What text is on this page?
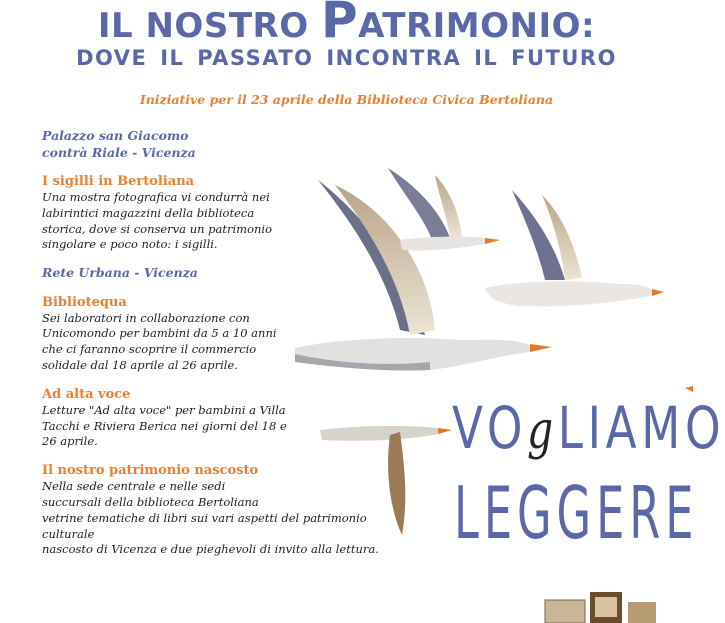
IL NOSTRO PATRIMONIO:
DOVE IL PASSATO INCONTRA IL FUTURO
Iniziative per il 23 aprile della Biblioteca Civica Bertoliana
VOgLIAMO
LEGGERE
Palazzo san Giacomo
contrà Riale - Vicenza
I sigilli in Bertoliana
Una mostra fotografica vi condurrà nei
labirintici magazzini della biblioteca
storica, dove si conserva un patrimonio
singolare e poco noto: i sigilli.
Rete Urbana - Vicenza
Bibliotequa
Sei laboratori in collaborazione con
Unicomondo per bambini da 5 a 10 anni
che ci faranno scoprire il commercio
solidale dal 18 aprile al 26 aprile.
Ad alta voce
Letture "Ad alta voce" per bambini a Villa
Tacchi e Riviera Berica nei giorni del 18 e
26 aprile.
Il nostro patrimonio nascosto
Nella sede centrale e nelle sedi
succursali della biblioteca Bertoliana
vetrine tematiche di libri sui vari aspetti del patrimonio culturale
nascosto di Vicenza e due pieghevoli di invito alla lettura.
